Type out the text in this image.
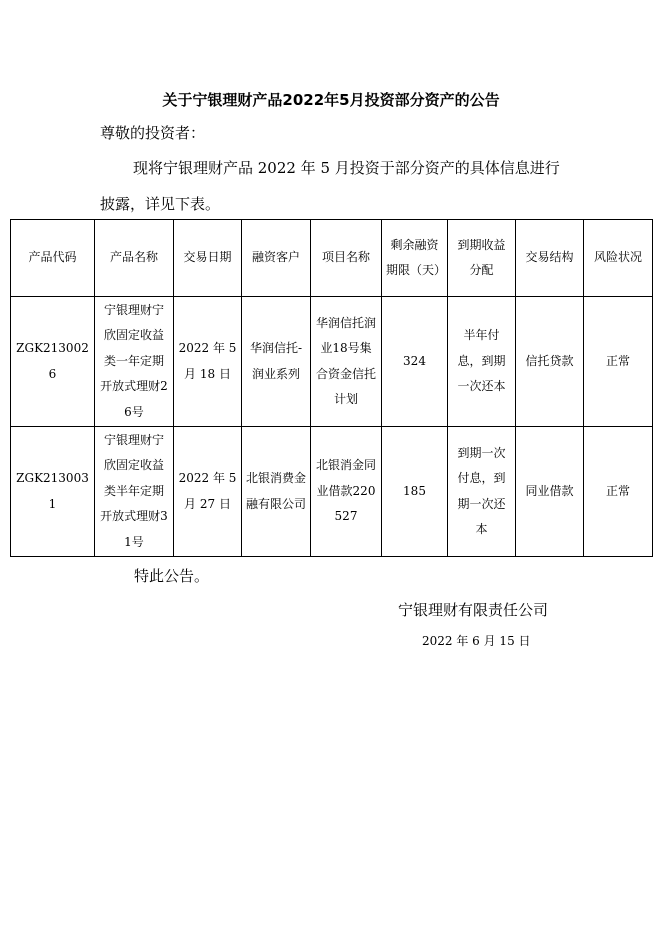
关于宁银理财产品2022年5月投资部分资产的公告
尊敬的投资者：
现将宁银理财产品 2022 年 5 月投资于部分资产的具体信息进行披露，详见下表。
产品代码	产品名称	交易日期	融资客户	项目名称	剩余融资期限（天）	到期收益分配	交易结构	风险状况
ZGK2130026	宁银理财宁欣固定收益类一年定期开放式理财26号	2022 年 5 月 18 日	华润信托-润业系列	华润信托润业18号集合资金信托计划	324	半年付息，到期一次还本	信托贷款	正常
ZGK2130031	宁银理财宁欣固定收益类半年定期开放式理财31号	2022 年 5 月 27 日	北银消费金融有限公司	北银消金同业借款220527	185	到期一次付息，到期一次还本	同业借款	正常
特此公告。
宁银理财有限责任公司
2022 年 6 月 15 日
